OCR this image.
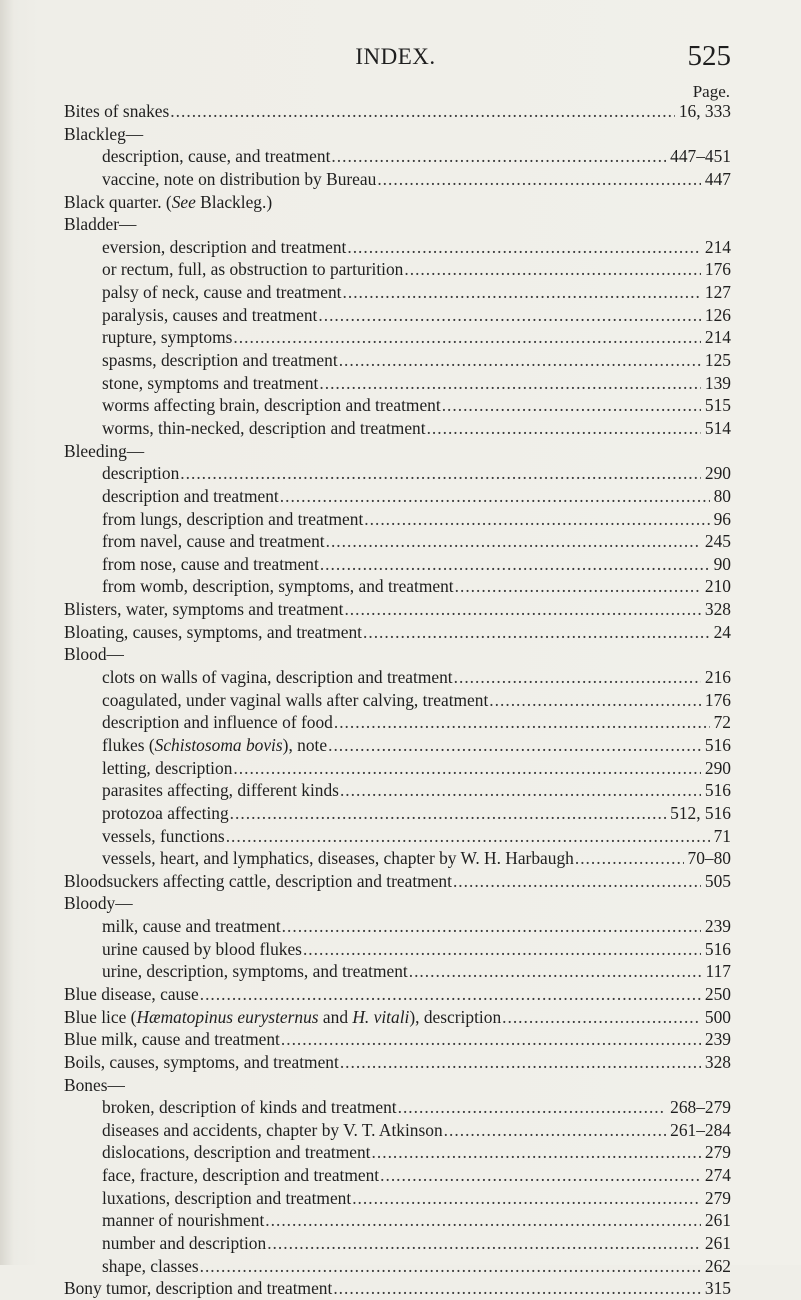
INDEX.	525
Page.
Bites of snakes .....	16, 333
Blackleg—
description, cause, and treatment .....	447–451
vaccine, note on distribution by Bureau .....	447
Black quarter. (See Blackleg.)
Bladder—
eversion, description and treatment .....	214
or rectum, full, as obstruction to parturition .....	176
palsy of neck, cause and treatment .....	127
paralysis, causes and treatment .....	126
rupture, symptoms .....	214
spasms, description and treatment .....	125
stone, symptoms and treatment .....	139
worms affecting brain, description and treatment .....	515
worms, thin-necked, description and treatment .....	514
Bleeding—
description .....	290
description and treatment .....	80
from lungs, description and treatment .....	96
from navel, cause and treatment .....	245
from nose, cause and treatment .....	90
from womb, description, symptoms, and treatment .....	210
Blisters, water, symptoms and treatment .....	328
Bloating, causes, symptoms, and treatment .....	24
Blood—
clots on walls of vagina, description and treatment .....	216
coagulated, under vaginal walls after calving, treatment .....	176
description and influence of food .....	72
flukes (Schistosoma bovis), note .....	516
letting, description .....	290
parasites affecting, different kinds .....	516
protozoa affecting .....	512, 516
vessels, functions .....	71
vessels, heart, and lymphatics, diseases, chapter by W. H. Harbaugh .....	70–80
Bloodsuckers affecting cattle, description and treatment .....	505
Bloody—
milk, cause and treatment .....	239
urine caused by blood flukes .....	516
urine, description, symptoms, and treatment .....	117
Blue disease, cause .....	250
Blue lice (Hæmatopinus eurysternus and H. vitali), description .....	500
Blue milk, cause and treatment .....	239
Boils, causes, symptoms, and treatment .....	328
Bones—
broken, description of kinds and treatment .....	268–279
diseases and accidents, chapter by V. T. Atkinson .....	261–284
dislocations, description and treatment .....	279
face, fracture, description and treatment .....	274
luxations, description and treatment .....	279
manner of nourishment .....	261
number and description .....	261
shape, classes .....	262
Bony tumor, description and treatment .....	315
